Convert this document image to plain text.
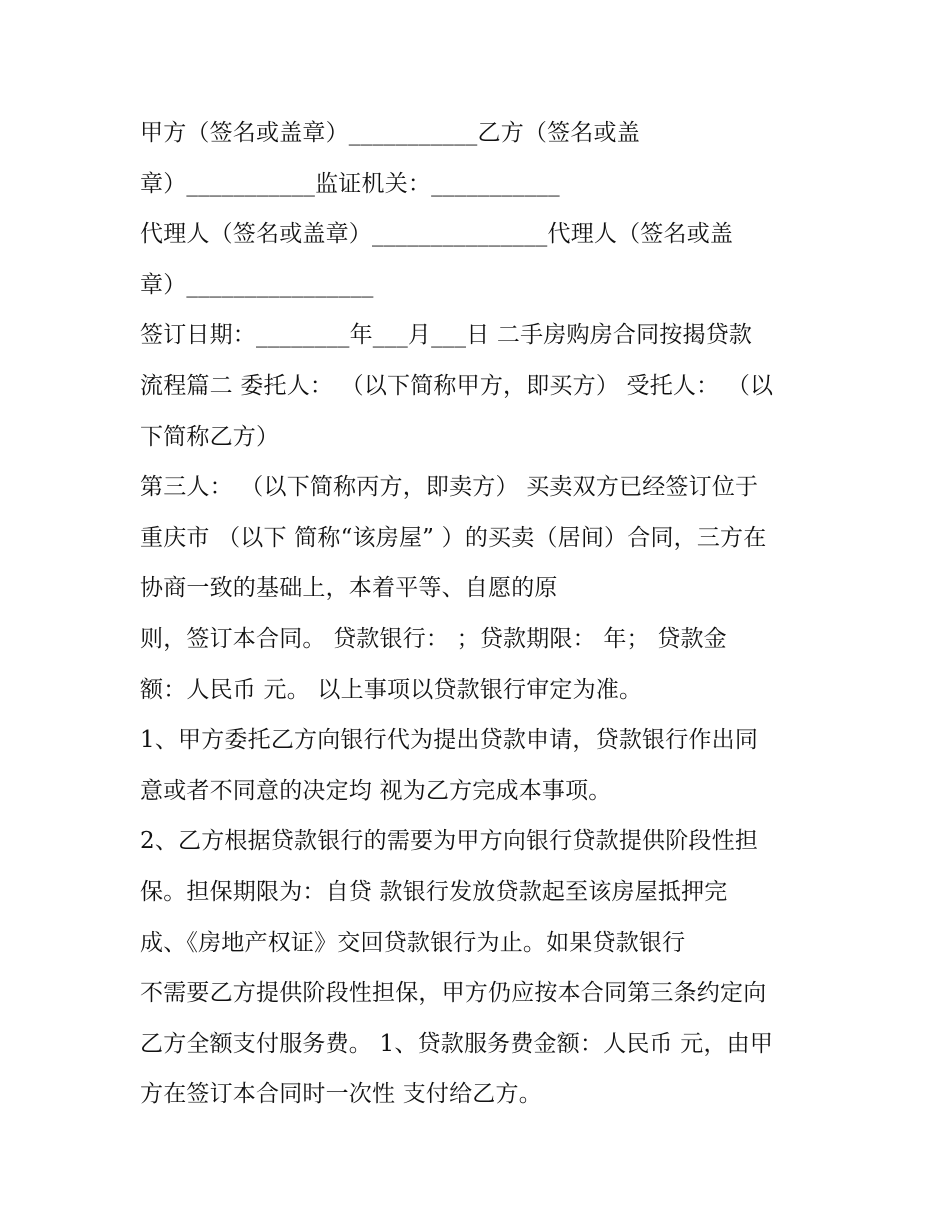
甲方（签名或盖章）___________乙方（签名或盖
章）___________监证机关：___________
代理人（签名或盖章）_______________代理人（签名或盖
章）________________
签订日期：________年___月___日 二手房购房合同按揭贷款
流程篇二 委托人： （以下简称甲方，即买方） 受托人： （以
下简称乙方）
第三人： （以下简称丙方，即卖方） 买卖双方已经签订位于
重庆市 （以下 简称“该房屋” ）的买卖（居间）合同，三方在
协商一致的基础上，本着平等、自愿的原
则，签订本合同。 贷款银行： ；贷款期限： 年； 贷款金
额：人民币 元。 以上事项以贷款银行审定为准。
1、甲方委托乙方向银行代为提出贷款申请，贷款银行作出同
意或者不同意的决定均 视为乙方完成本事项。
2、乙方根据贷款银行的需要为甲方向银行贷款提供阶段性担
保。担保期限为：自贷 款银行发放贷款起至该房屋抵押完
成、《房地产权证》交回贷款银行为止。如果贷款银行
不需要乙方提供阶段性担保，甲方仍应按本合同第三条约定向
乙方全额支付服务费。 1、贷款服务费金额：人民币 元，由甲
方在签订本合同时一次性 支付给乙方。
